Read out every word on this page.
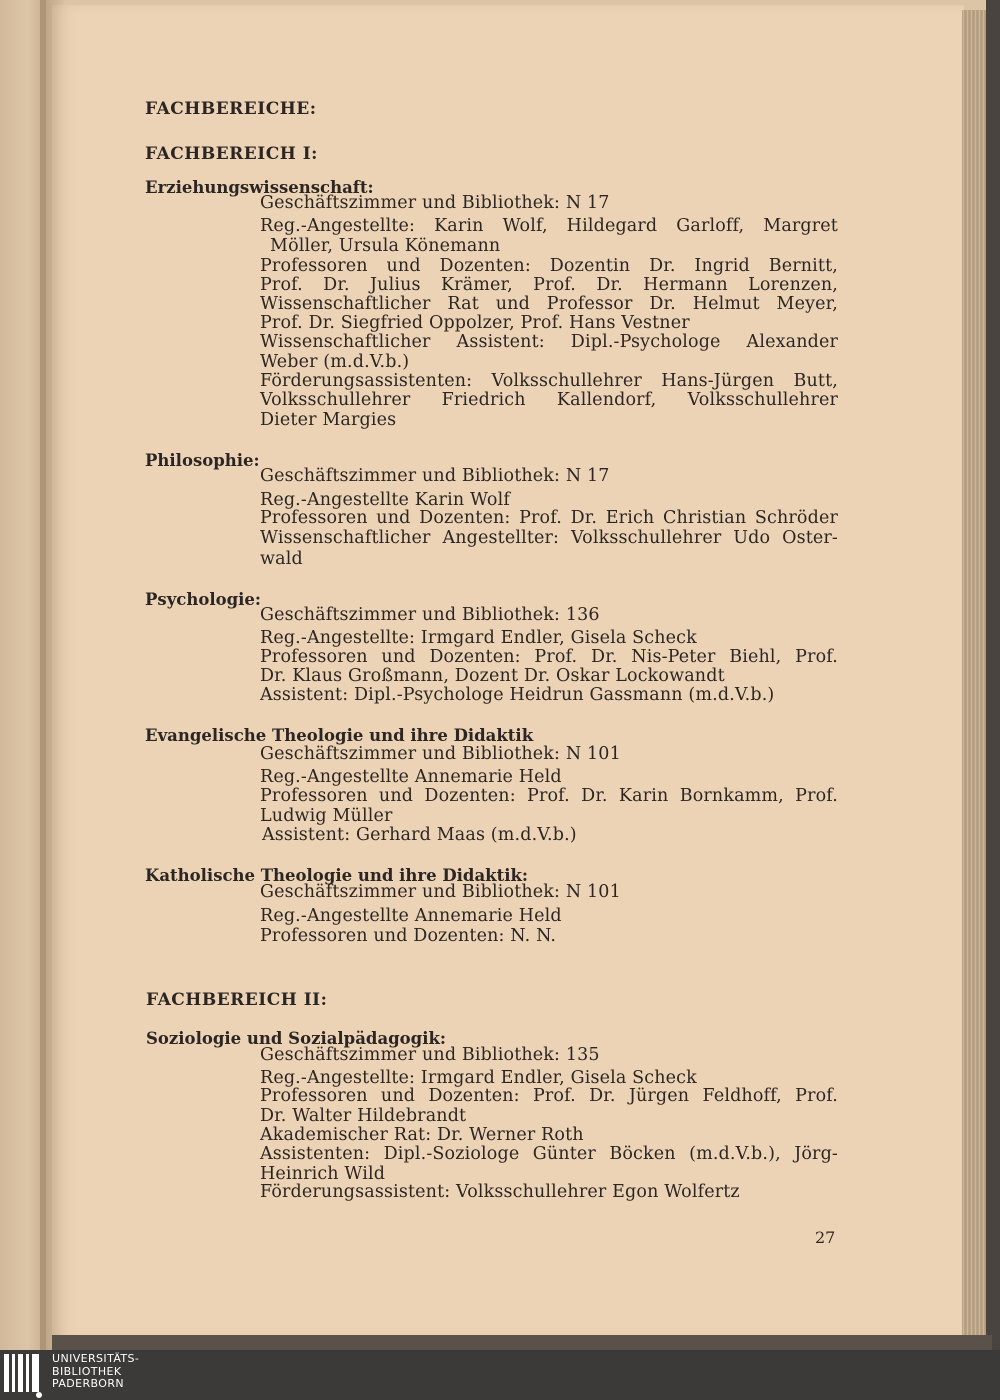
FACHBEREICHE:
FACHBEREICH I:
Erziehungswissenschaft:
Geschäftszimmer und Bibliothek: N 17
Reg.-Angestellte: Karin Wolf, Hildegard Garloff, Margret
Möller, Ursula Könemann
Professoren und Dozenten: Dozentin Dr. Ingrid Bernitt,
Prof. Dr. Julius Krämer, Prof. Dr. Hermann Lorenzen,
Wissenschaftlicher Rat und Professor Dr. Helmut Meyer,
Prof. Dr. Siegfried Oppolzer, Prof. Hans Vestner
Wissenschaftlicher Assistent: Dipl.-Psychologe Alexander
Weber (m.d.V.b.)
Förderungsassistenten: Volksschullehrer Hans-Jürgen Butt,
Volksschullehrer Friedrich Kallendorf, Volksschullehrer
Dieter Margies
Philosophie:
Geschäftszimmer und Bibliothek: N 17
Reg.-Angestellte Karin Wolf
Professoren und Dozenten: Prof. Dr. Erich Christian Schröder
Wissenschaftlicher Angestellter: Volksschullehrer Udo Oster-
wald
Psychologie:
Geschäftszimmer und Bibliothek: 136
Reg.-Angestellte: Irmgard Endler, Gisela Scheck
Professoren und Dozenten: Prof. Dr. Nis-Peter Biehl, Prof.
Dr. Klaus Großmann, Dozent Dr. Oskar Lockowandt
Assistent: Dipl.-Psychologe Heidrun Gassmann (m.d.V.b.)
Evangelische Theologie und ihre Didaktik
Geschäftszimmer und Bibliothek: N 101
Reg.-Angestellte Annemarie Held
Professoren und Dozenten: Prof. Dr. Karin Bornkamm, Prof.
Ludwig Müller
Assistent: Gerhard Maas (m.d.V.b.)
Katholische Theologie und ihre Didaktik:
Geschäftszimmer und Bibliothek: N 101
Reg.-Angestellte Annemarie Held
Professoren und Dozenten: N. N.
FACHBEREICH II:
Soziologie und Sozialpädagogik:
Geschäftszimmer und Bibliothek: 135
Reg.-Angestellte: Irmgard Endler, Gisela Scheck
Professoren und Dozenten: Prof. Dr. Jürgen Feldhoff, Prof.
Dr. Walter Hildebrandt
Akademischer Rat: Dr. Werner Roth
Assistenten: Dipl.-Soziologe Günter Böcken (m.d.V.b.), Jörg-
Heinrich Wild
Förderungsassistent: Volksschullehrer Egon Wolfertz
27
UNIVERSITÄTS-
BIBLIOTHEK
PADERBORN
